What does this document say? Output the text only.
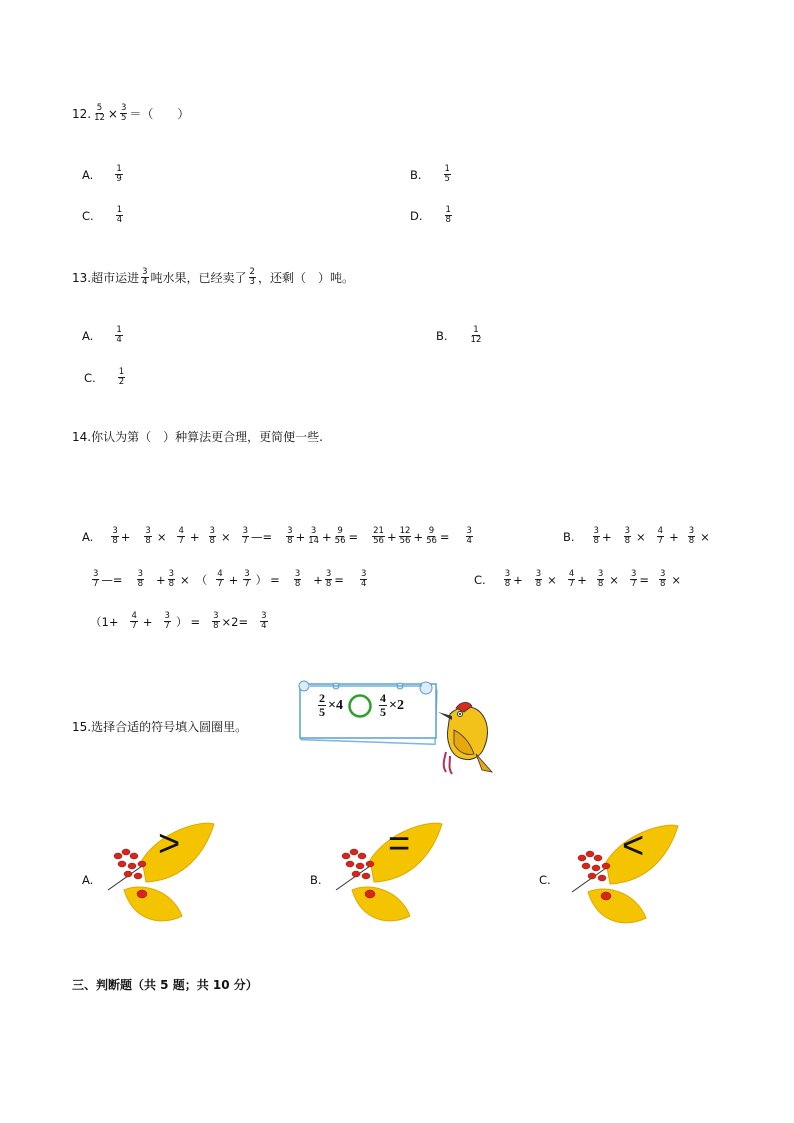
12. $\frac{5}{12} \times \frac{3}{5}$ ＝（　　）
A.	$\frac{1}{9}$	B.	$\frac{1}{5}$
C.	$\frac{1}{4}$	D.	$\frac{1}{8}$
13.超市运进 $\frac{3}{4}$ 吨水果，已经卖了 $\frac{2}{3}$ ，还剩（　）吨。
A.	$\frac{1}{4}$	B.	$\frac{1}{12}$
C.	$\frac{1}{2}$
14.你认为第（　）种算法更合理，更简便一些.
A. $\frac{3}{8} + \frac{3}{8} \times \frac{4}{7} + \frac{3}{8} \times \frac{3}{7}$ —= $\frac{3}{8} + \frac{3}{14} + \frac{9}{56} = \frac{21}{56} + \frac{12}{56} + \frac{9}{56} = \frac{3}{4}$	B. $\frac{3}{8} + \frac{3}{8} \times \frac{4}{7} + \frac{3}{8}$ ×
$\frac{3}{7}$ —= $\frac{3}{8} + \frac{3}{8}$ × （ $\frac{4}{7} + \frac{3}{7}$ ） = $\frac{3}{8} + \frac{3}{8} = \frac{3}{4}$	C. $\frac{3}{8} + \frac{3}{8} \times \frac{4}{7} + \frac{3}{8} \times \frac{3}{7} = \frac{3}{8}$ ×
（$1+ \frac{4}{7} + \frac{3}{7}$ ） = $\frac{3}{8} \times 2= \frac{3}{4}$
15.选择合适的符号填入圆圈里。
$\frac{2}{5} \times 4$	$\frac{4}{5} \times 2$
A.	B.	C.
>	=	<
三、判断题（共 5 题；共 10 分）
